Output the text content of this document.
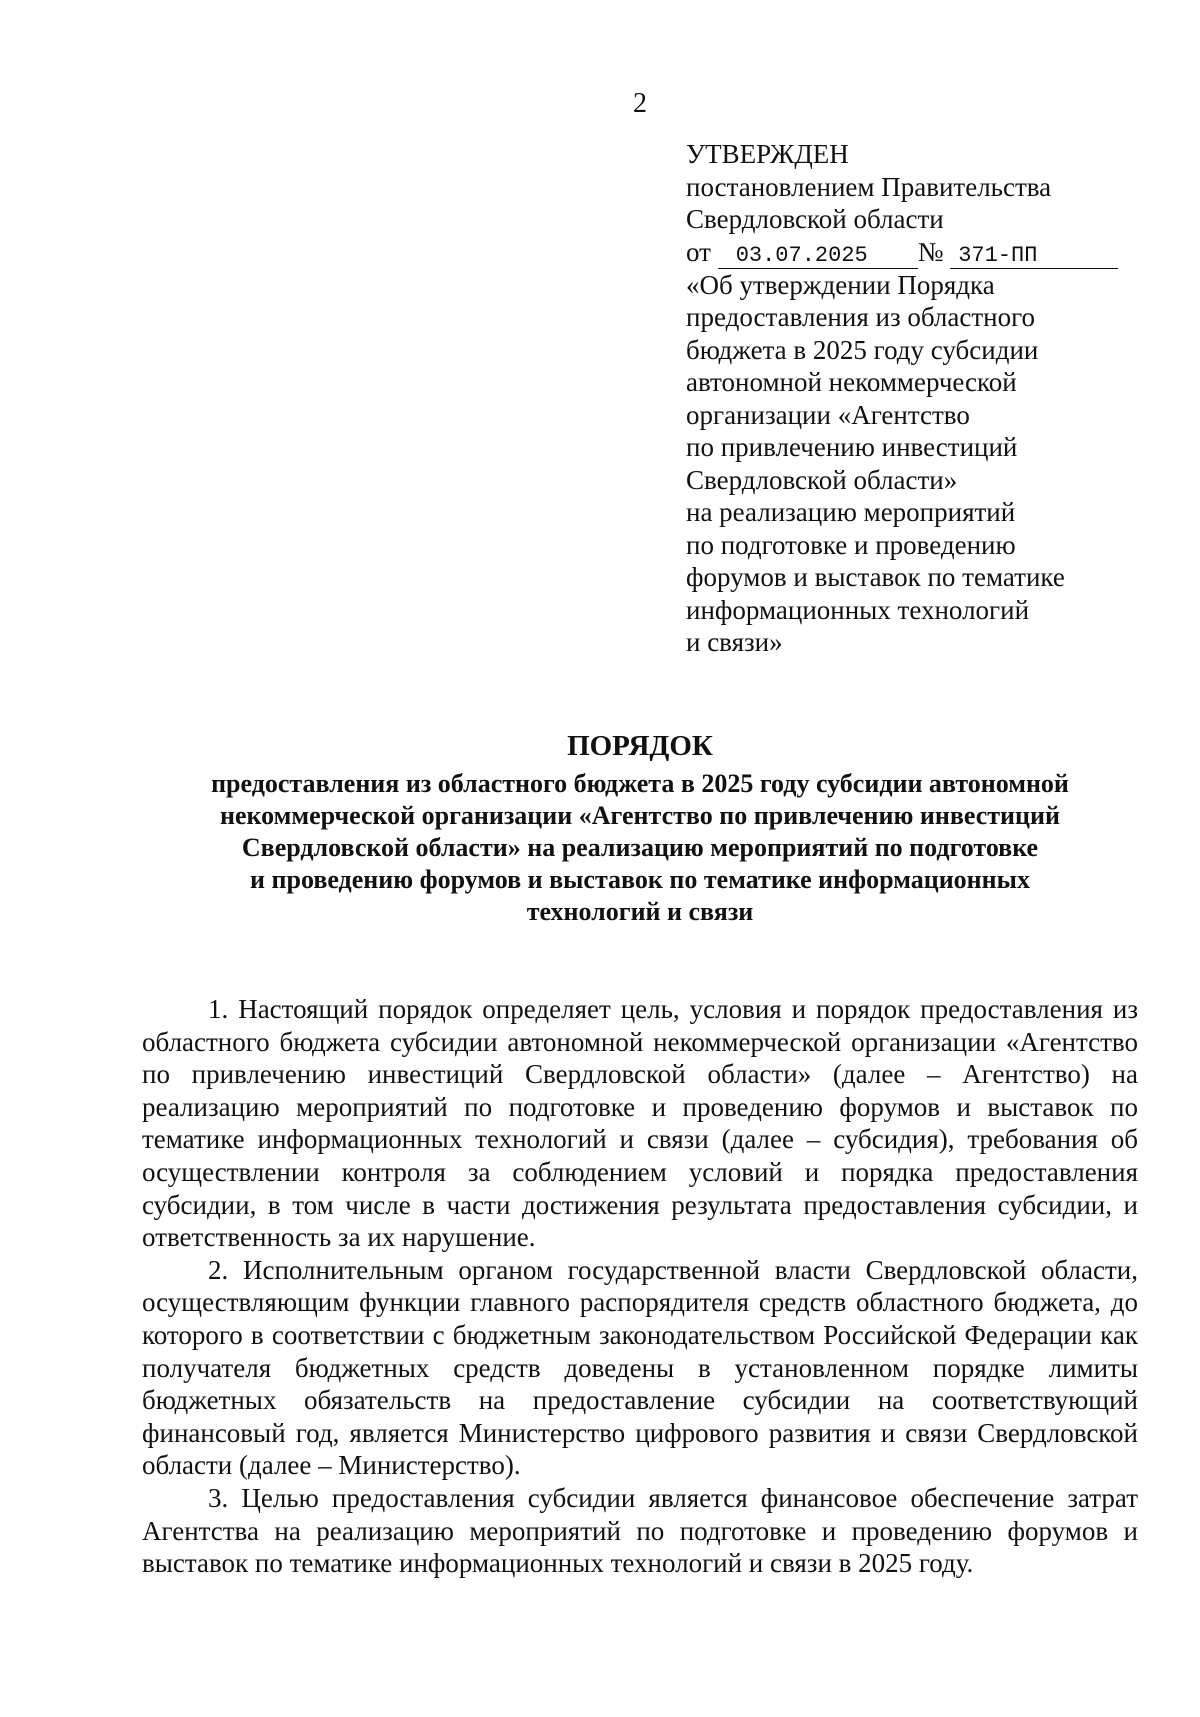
2
УТВЕРЖДЕН
постановлением Правительства
Свердловской области
от 03.07.2025 № 371-ПП
«Об утверждении Порядка
предоставления из областного
бюджета в 2025 году субсидии
автономной некоммерческой
организации «Агентство
по привлечению инвестиций
Свердловской области»
на реализацию мероприятий
по подготовке и проведению
форумов и выставок по тематике
информационных технологий
и связи»
ПОРЯДОК
предоставления из областного бюджета в 2025 году субсидии автономной
некоммерческой организации «Агентство по привлечению инвестиций
Свердловской области» на реализацию мероприятий по подготовке
и проведению форумов и выставок по тематике информационных
технологий и связи

1. Настоящий порядок определяет цель, условия и порядок предоставления из областного бюджета субсидии автономной некоммерческой организации «Агентство по привлечению инвестиций Свердловской области» (далее – Агентство) на реализацию мероприятий по подготовке и проведению форумов и выставок по тематике информационных технологий и связи (далее – субсидия), требования об осуществлении контроля за соблюдением условий и порядка предоставления субсидии, в том числе в части достижения результата предоставления субсидии, и ответственность за их нарушение.

2. Исполнительным органом государственной власти Свердловской области, осуществляющим функции главного распорядителя средств областного бюджета, до которого в соответствии с бюджетным законодательством Российской Федерации как получателя бюджетных средств доведены в установленном порядке лимиты бюджетных обязательств на предоставление субсидии на соответствующий финансовый год, является Министерство цифрового развития и связи Свердловской области (далее – Министерство).

3. Целью предоставления субсидии является финансовое обеспечение затрат Агентства на реализацию мероприятий по подготовке и проведению форумов и выставок по тематике информационных технологий и связи в 2025 году.
